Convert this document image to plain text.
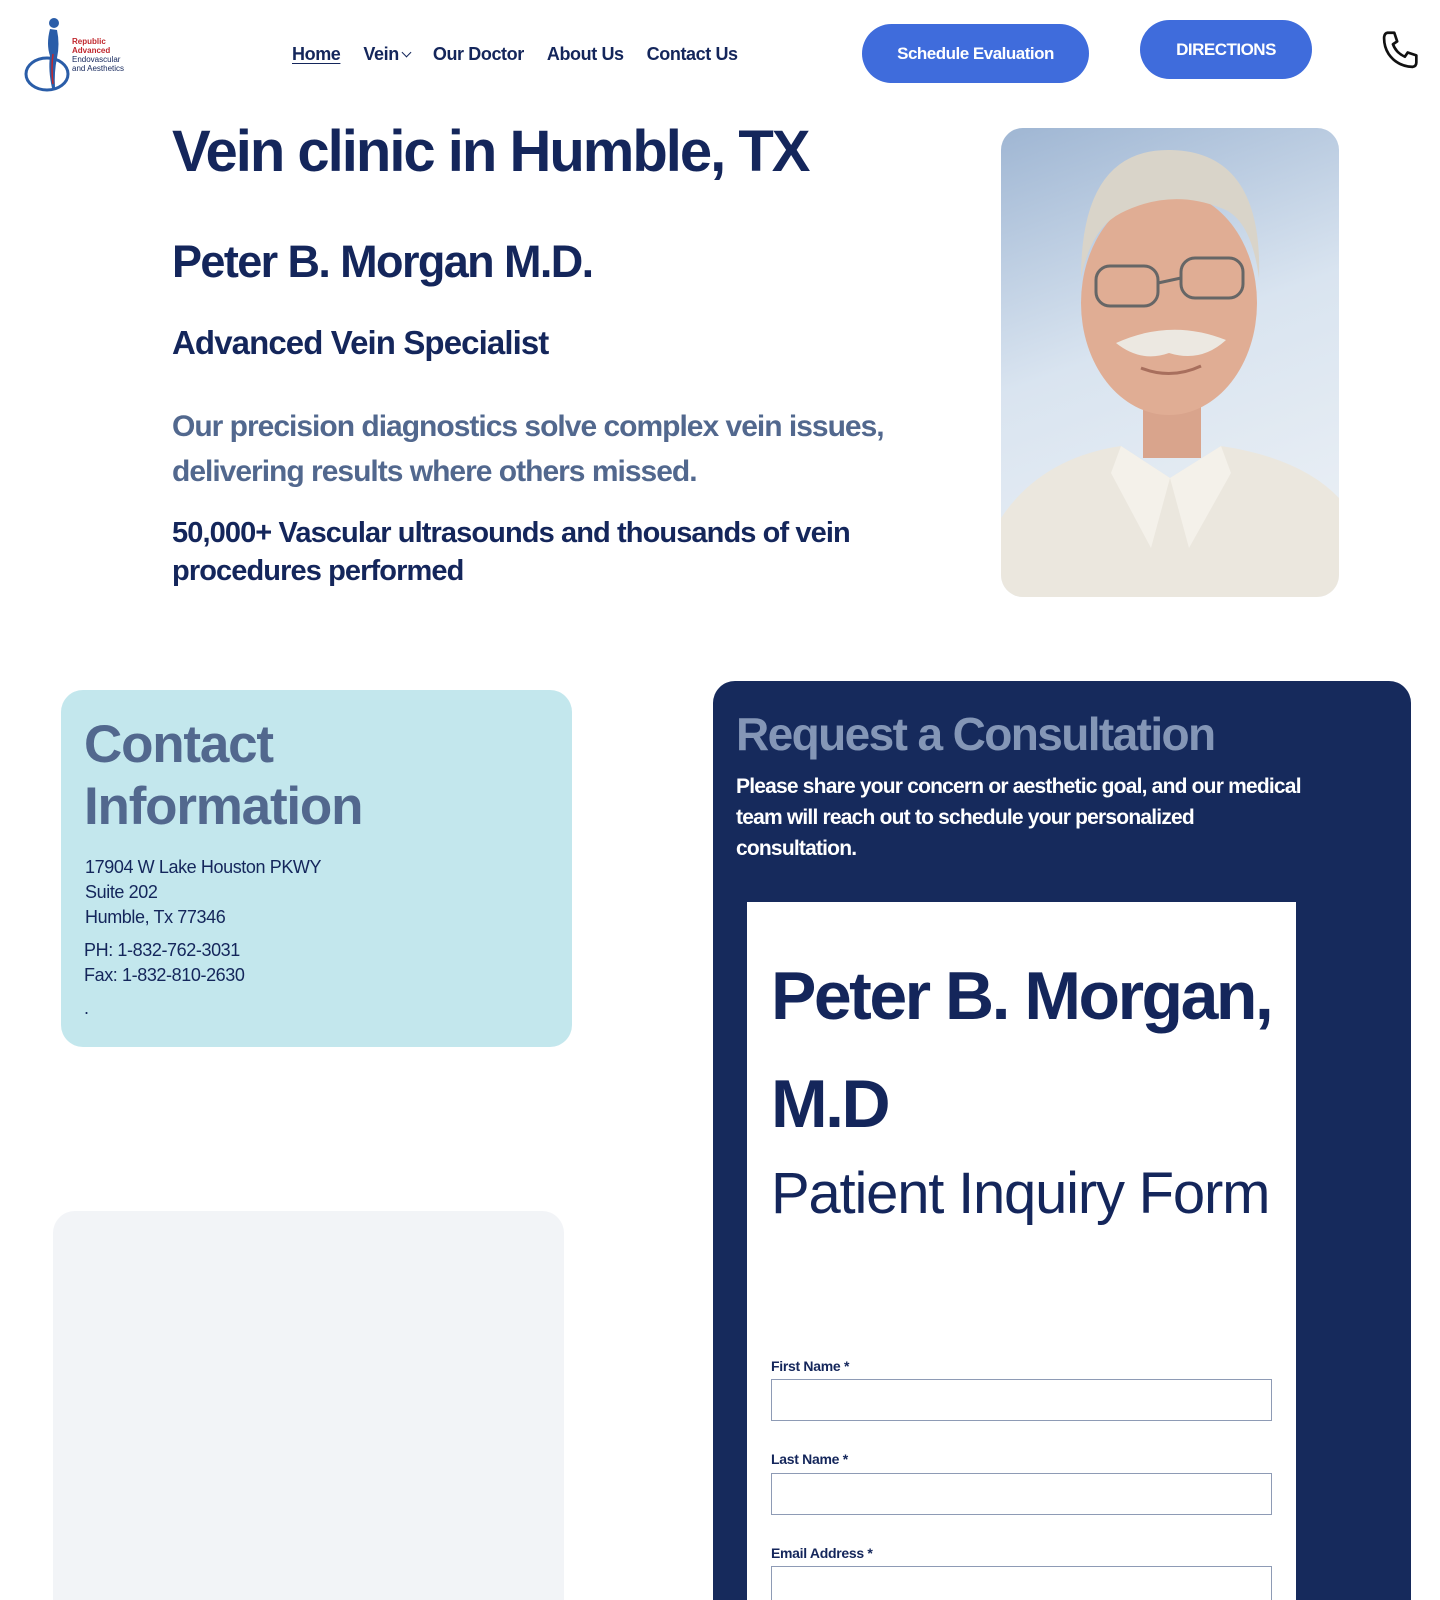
Republic
Advanced
Endovascular
and Aesthetics
Home Vein	Our Doctor About Us Contact Us	Schedule Evaluation	DIRECTIONS
Vein clinic in Humble, TX
Peter B. Morgan M.D.
Advanced Vein Specialist

Our precision diagnostics solve complex vein issues, delivering results where others missed.

50,000+ Vascular ultrasounds and thousands of vein procedures performed

Contact Information
17904 W Lake Houston PKWY
Suite 202
Humble, Tx 77346
PH: 1-832-762-3031
Fax: 1-832-810-2630
.
Request a Consultation

Please share your concern or aesthetic goal, and our medical team will reach out to schedule your personalized consultation.

Peter B. Morgan, M.D
Patient Inquiry Form
First Name *
Last Name *
Email Address *
